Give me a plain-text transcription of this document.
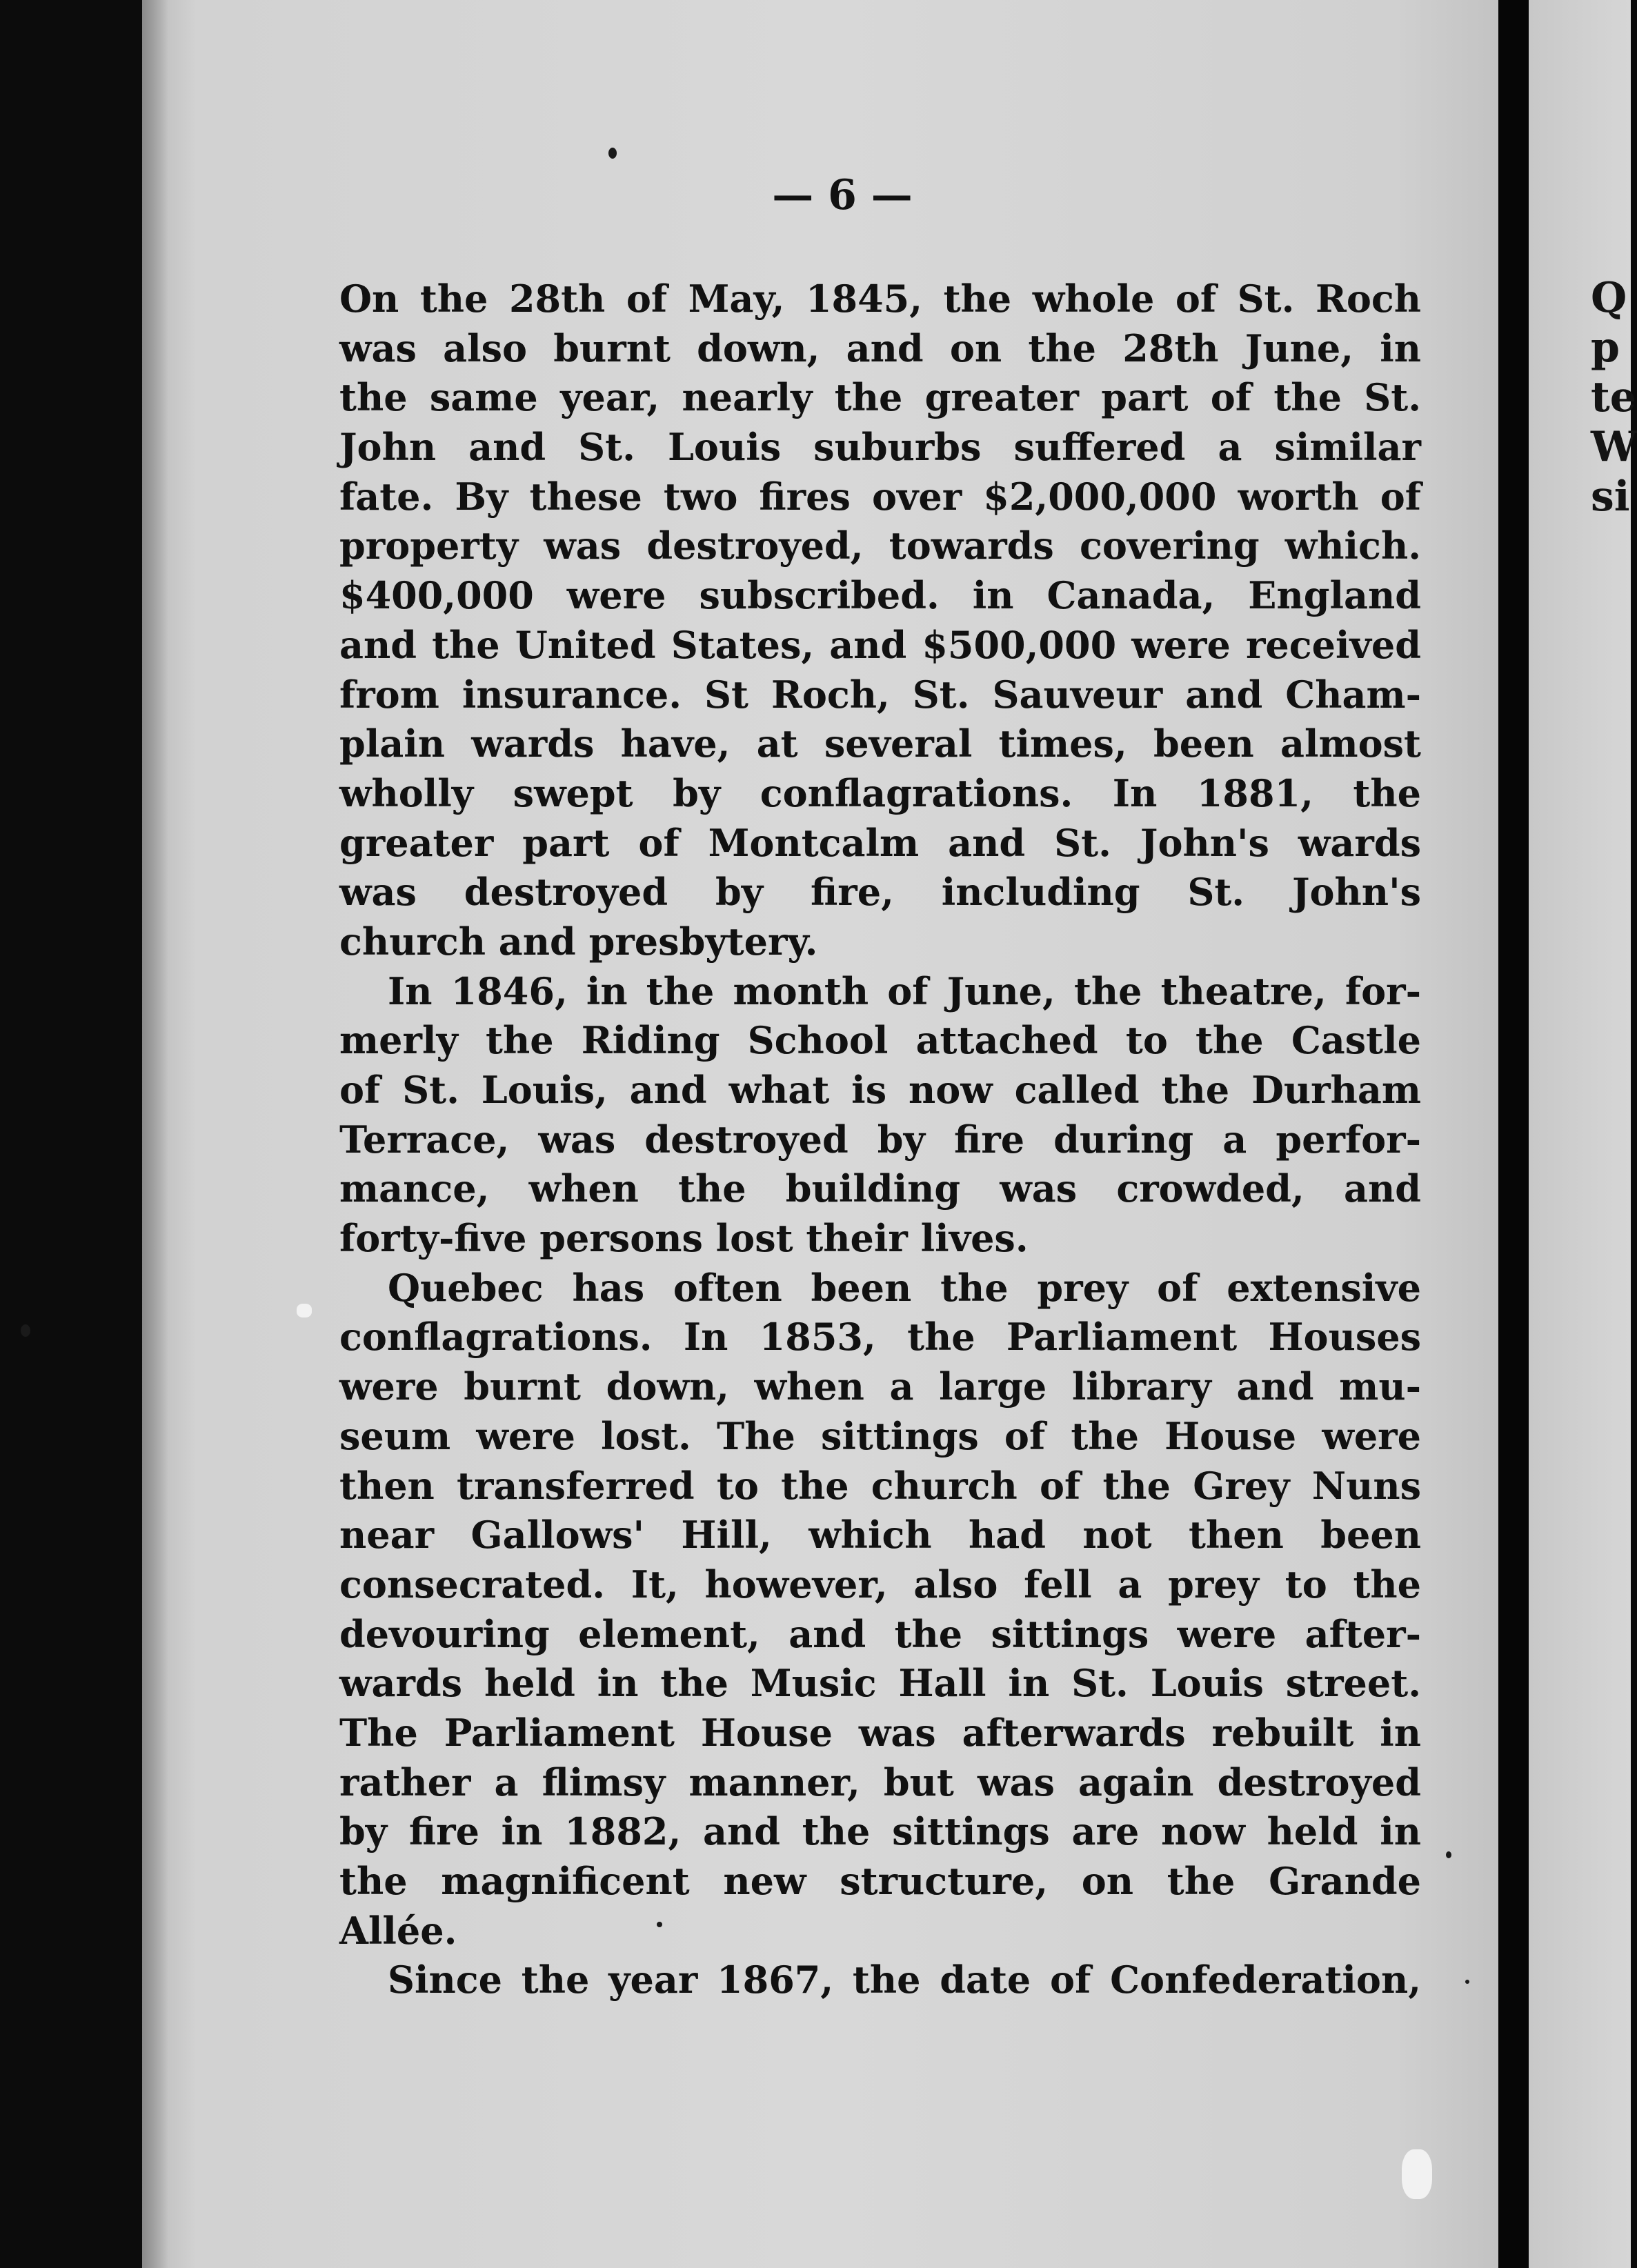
Q
p
te
W
si
— 6 —
On the 28th of May, 1845, the whole of St. Roch
was also burnt down, and on the 28th June, in
the same year, nearly the greater part of the St.
John and St. Louis suburbs suffered a similar
fate. By these two fires over $2,000,000 worth of
property was destroyed, towards covering which.
$400,000 were subscribed. in Canada, England
and the United States, and $500,000 were received
from insurance. St Roch, St. Sauveur and Cham-
plain wards have, at several times, been almost
wholly swept by conflagrations. In 1881, the
greater part of Montcalm and St. John's wards
was destroyed by fire, including St. John's
church and presbytery.
In 1846, in the month of June, the theatre, for-
merly the Riding School attached to the Castle
of St. Louis, and what is now called the Durham
Terrace, was destroyed by fire during a perfor-
mance, when the building was crowded, and
forty-five persons lost their lives.
Quebec has often been the prey of extensive
conflagrations. In 1853, the Parliament Houses
were burnt down, when a large library and mu-
seum were lost. The sittings of the House were
then transferred to the church of the Grey Nuns
near Gallows' Hill, which had not then been
consecrated. It, however, also fell a prey to the
devouring element, and the sittings were after-
wards held in the Music Hall in St. Louis street.
The Parliament House was afterwards rebuilt in
rather a flimsy manner, but was again destroyed
by fire in 1882, and the sittings are now held in
the magnificent new structure, on the Grande
Allée.
Since the year 1867, the date of Confederation,
